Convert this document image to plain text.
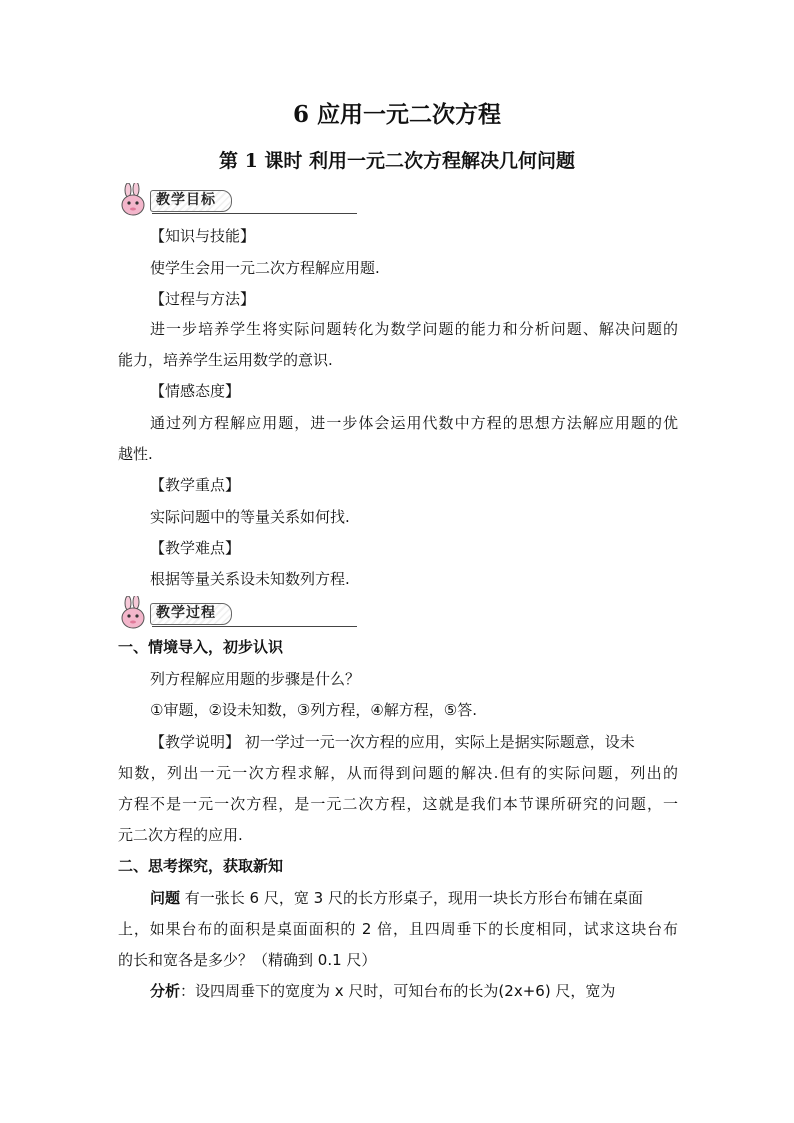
6 应用一元二次方程
第 1 课时 利用一元二次方程解决几何问题
教学目标
【知识与技能】
使学生会用一元二次方程解应用题.
【过程与方法】
进一步培养学生将实际问题转化为数学问题的能力和分析问题、解决问题的
能力，培养学生运用数学的意识.
【情感态度】
通过列方程解应用题，进一步体会运用代数中方程的思想方法解应用题的优
越性.
【教学重点】
实际问题中的等量关系如何找.
【教学难点】
根据等量关系设未知数列方程.
教学过程
一、情境导入，初步认识
列方程解应用题的步骤是什么？
①审题，②设未知数，③列方程，④解方程，⑤答.
【教学说明】 初一学过一元一次方程的应用，实际上是据实际题意，设未
知数，列出一元一次方程求解，从而得到问题的解决.但有的实际问题，列出的
方程不是一元一次方程，是一元二次方程，这就是我们本节课所研究的问题，一
元二次方程的应用.
二、思考探究，获取新知
问题 有一张长 6 尺，宽 3 尺的长方形桌子，现用一块长方形台布铺在桌面
上，如果台布的面积是桌面面积的 2 倍，且四周垂下的长度相同，试求这块台布
的长和宽各是多少？（精确到 0.1 尺）
分析：设四周垂下的宽度为 x 尺时，可知台布的长为(2x+6) 尺，宽为
